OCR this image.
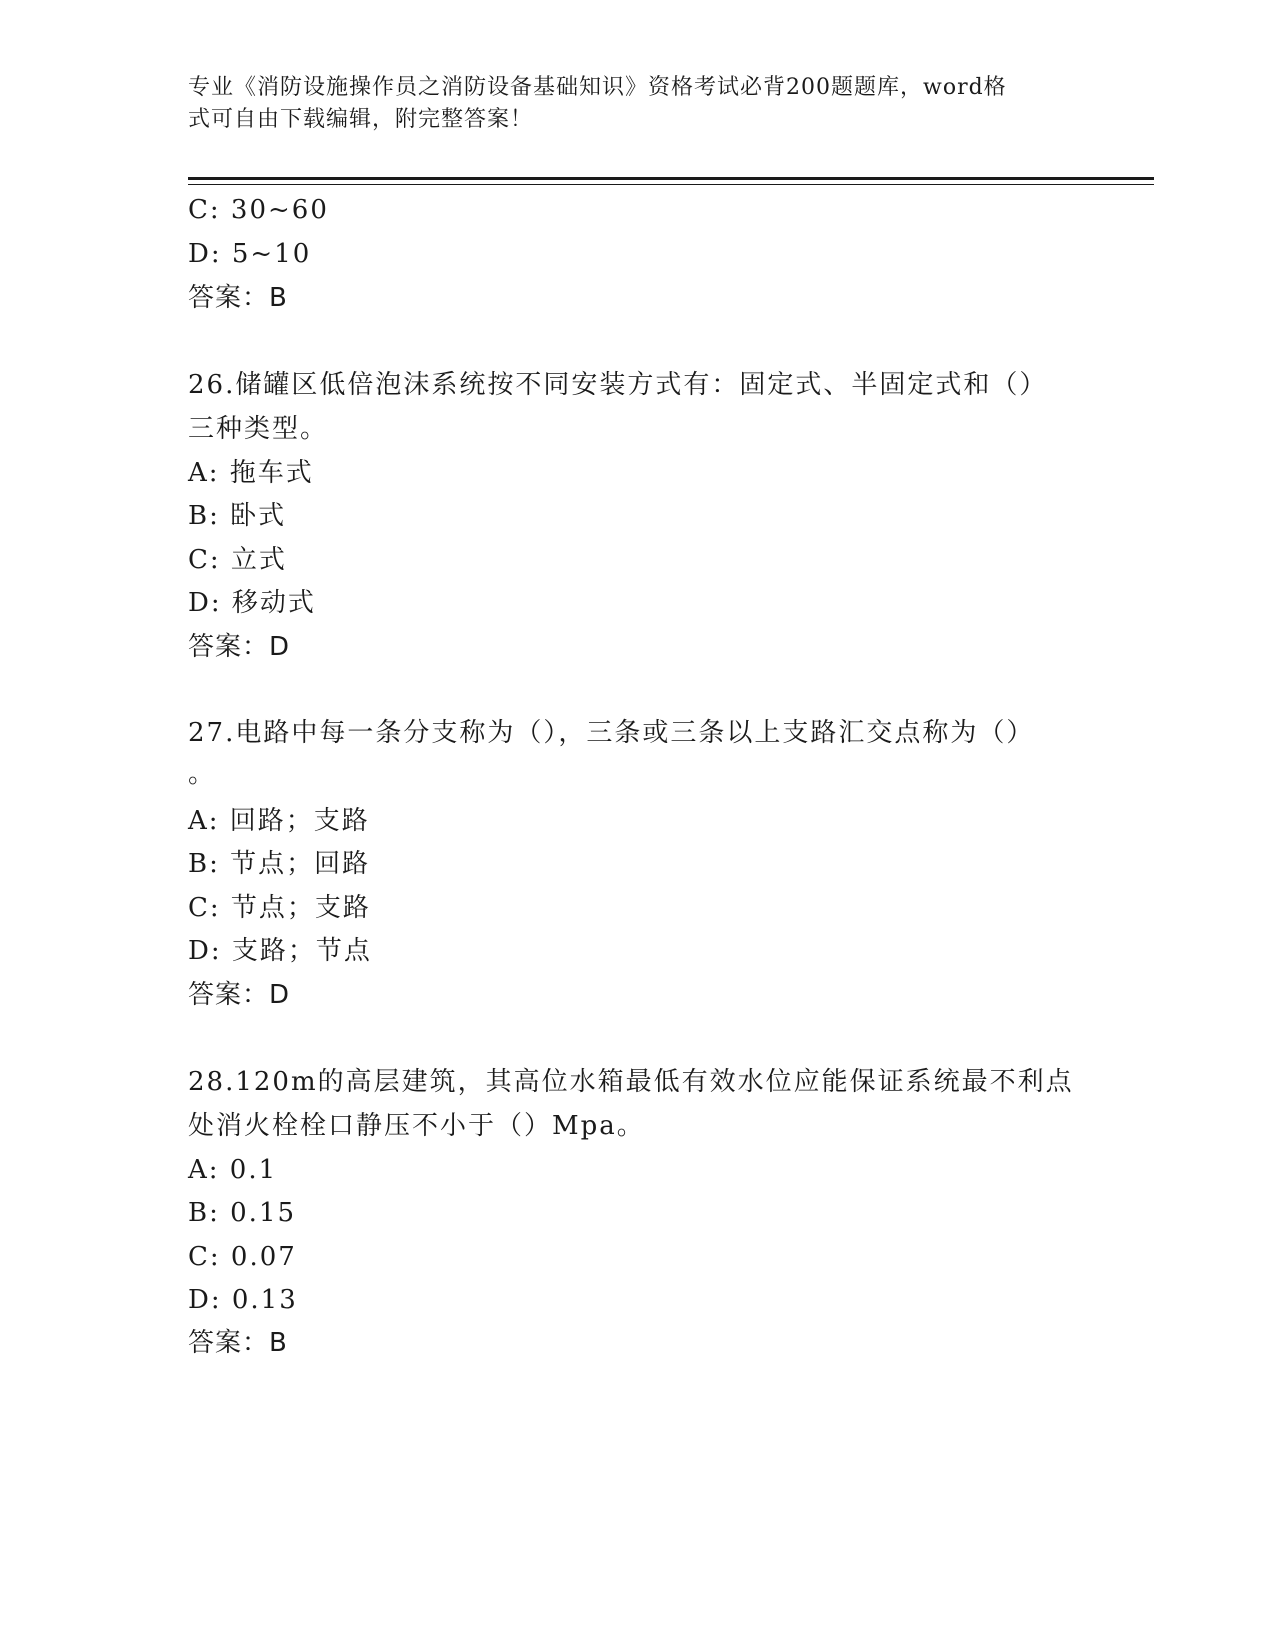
专业《消防设施操作员之消防设备基础知识》资格考试必背200题题库，word格
式可自由下载编辑，附完整答案！
C: 30~60
D: 5~10
答案：B
26.储罐区低倍泡沫系统按不同安装方式有：固定式、半固定式和（）
三种类型。
A: 拖车式
B: 卧式
C: 立式
D: 移动式
答案：D
27.电路中每一条分支称为（），三条或三条以上支路汇交点称为（）
。
A: 回路；支路
B: 节点；回路
C: 节点；支路
D: 支路；节点
答案：D
28.120m的高层建筑，其高位水箱最低有效水位应能保证系统最不利点
处消火栓栓口静压不小于（）Mpa。
A: 0.1
B: 0.15
C: 0.07
D: 0.13
答案：B
